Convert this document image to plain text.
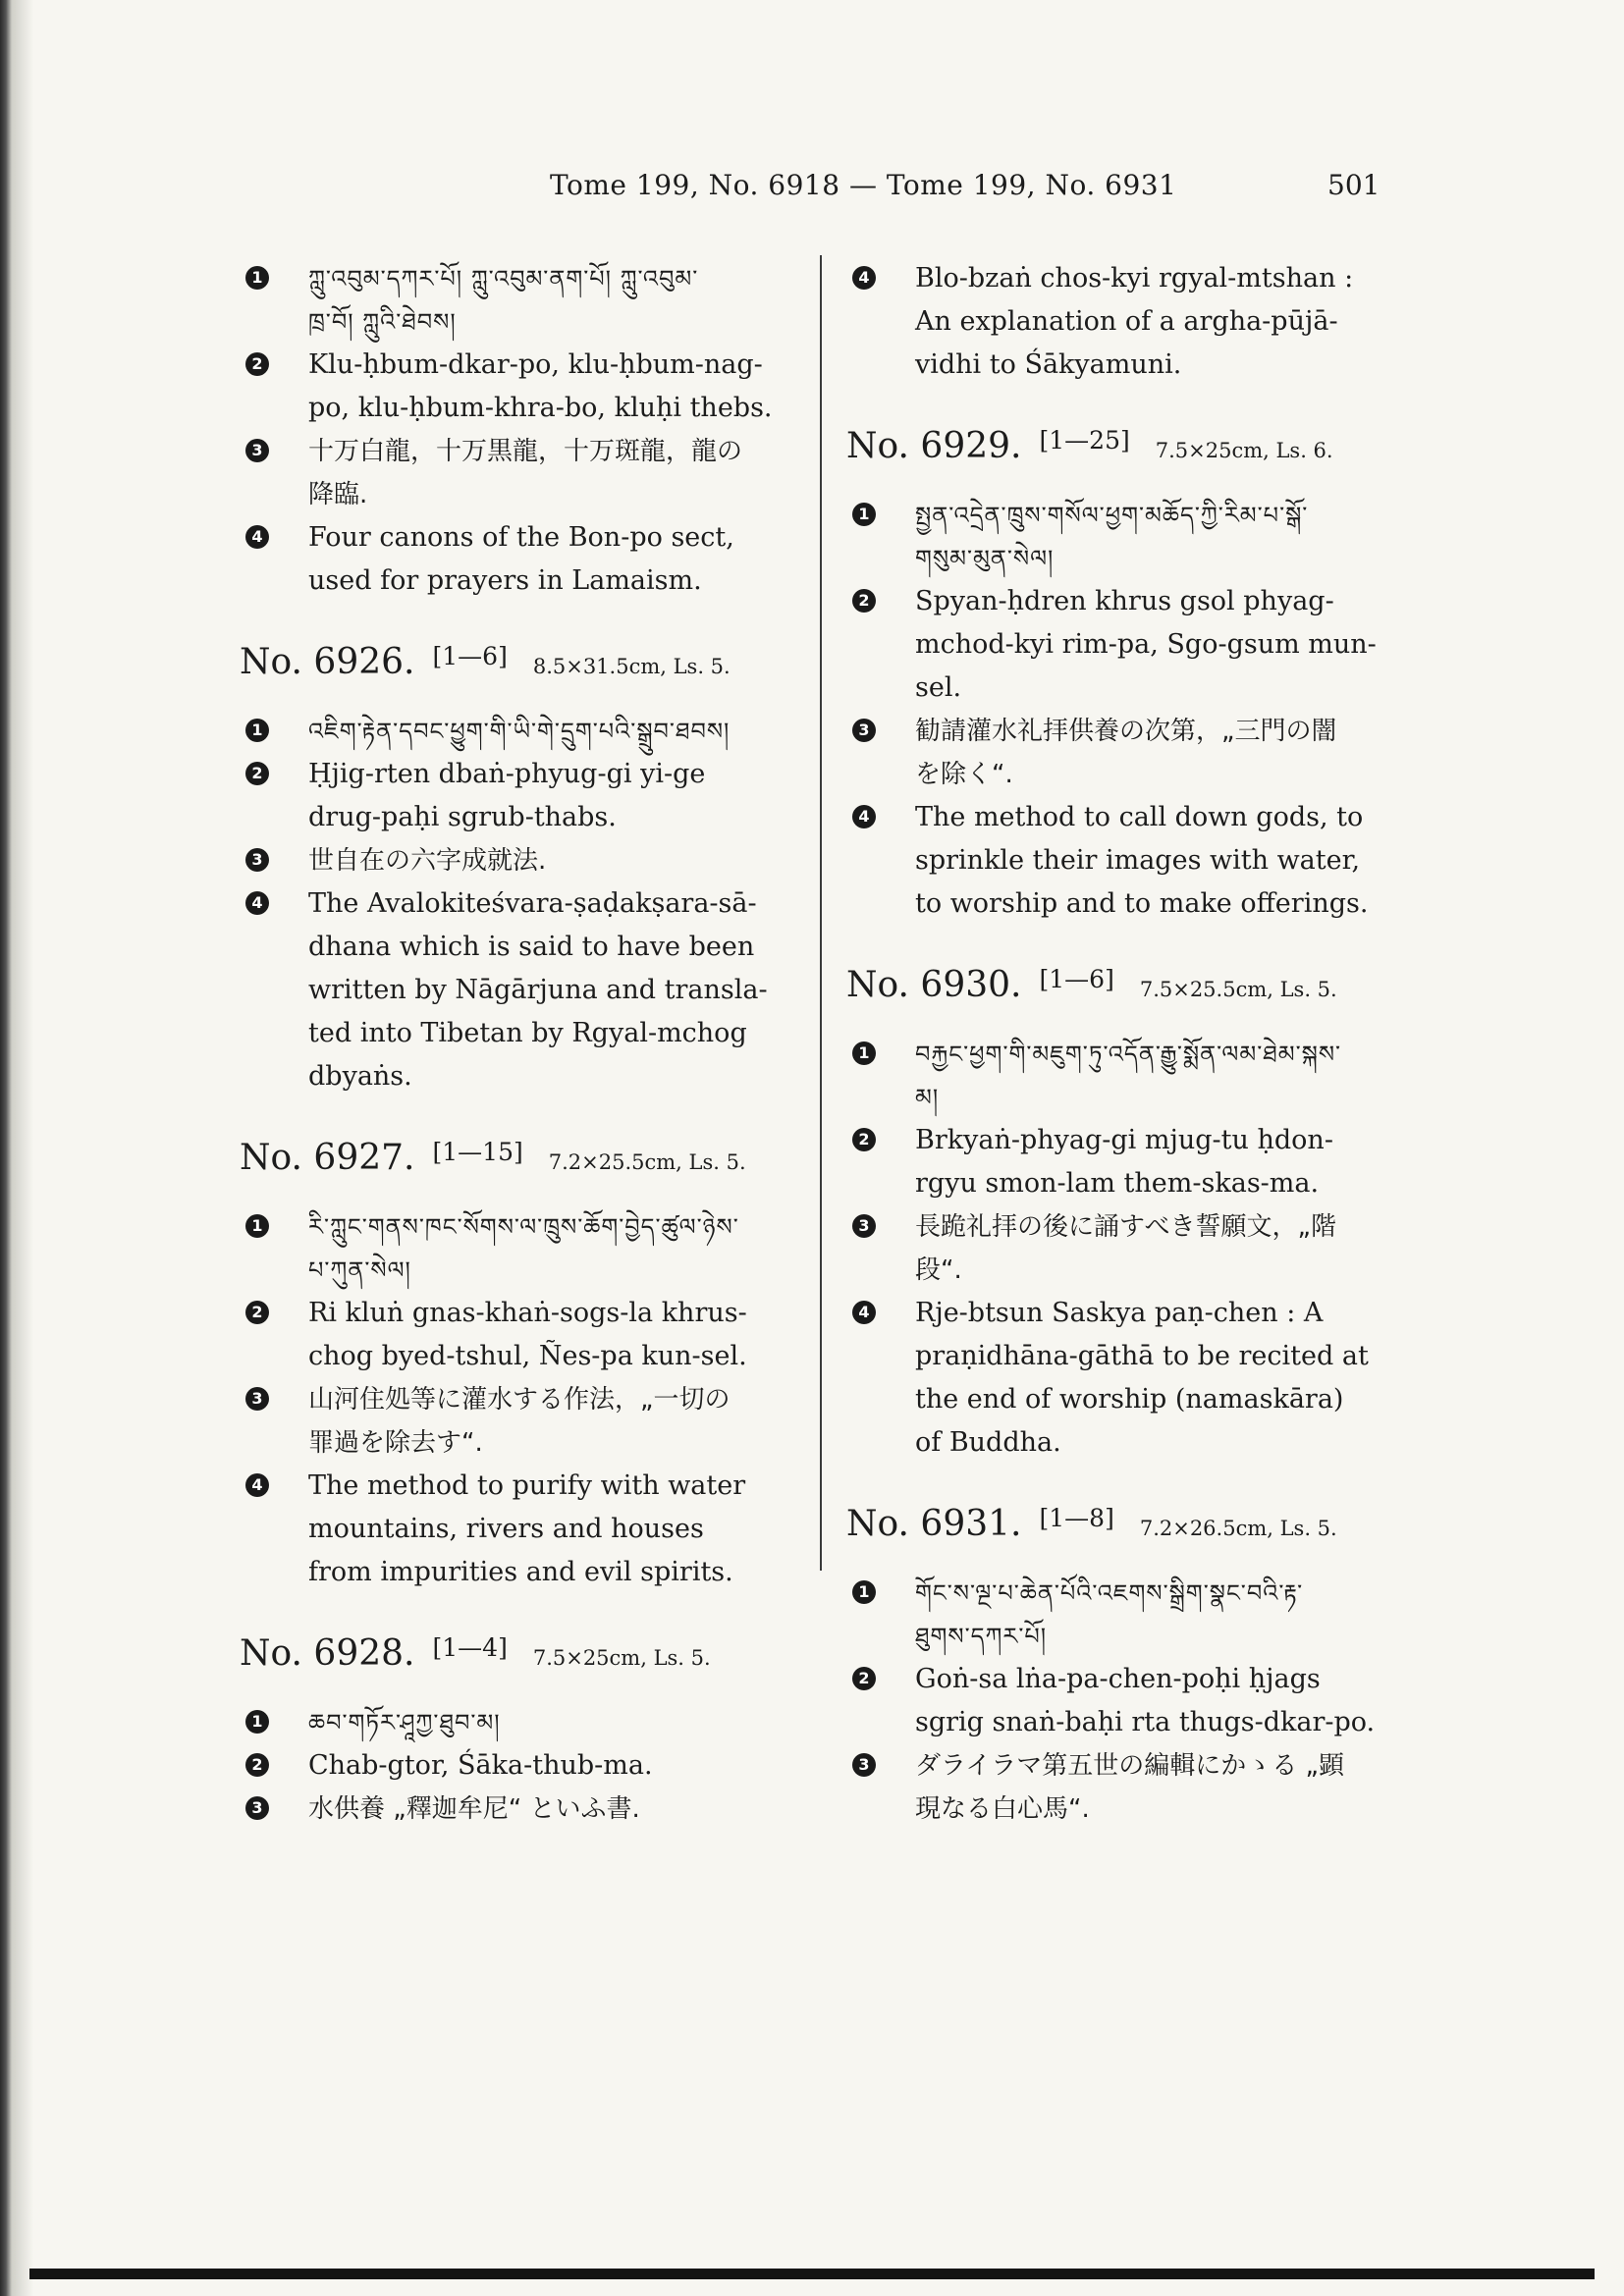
Tome 199, No. 6918 — Tome 199, No. 6931	501
1 ཀླུ་འབུམ་དཀར་པོ། ཀླུ་འབུམ་ནག་པོ། ཀླུ་འབུམ་
ཁྲ་བོ། ཀླུའི་ཐེབས།
2 Klu-ḥbum-dkar-po, klu-ḥbum-nag-
po, klu-ḥbum-khra-bo, kluḥi thebs.
3 十万白龍，十万黒龍，十万斑龍，龍の
降臨.
4 Four canons of the Bon-po sect,
used for prayers in Lamaism.
No. 6926. [1—6] 8.5×31.5cm, Ls. 5.
1 འཇིག་རྟེན་དབང་ཕྱུག་གི་ཡི་གེ་དྲུག་པའི་སྒྲུབ་ཐབས།
2 Ḥjig-rten dbaṅ-phyug-gi yi-ge
drug-paḥi sgrub-thabs.
3 世自在の六字成就法.
4 The Avalokiteśvara-ṣaḍakṣara-sā-
dhana which is said to have been
written by Nāgārjuna and transla-
ted into Tibetan by Rgyal-mchog
dbyaṅs.
No. 6927. [1—15] 7.2×25.5cm, Ls. 5.
1 རི་ཀླུང་གནས་ཁང་སོགས་ལ་ཁྲུས་ཆོག་བྱེད་ཚུལ་ཉེས་
པ་ཀུན་སེལ།
2 Ri kluṅ gnas-khaṅ-sogs-la khrus-
chog byed-tshul, Ñes-pa kun-sel.
3 山河住処等に灌水する作法，„一切の
罪過を除去す“.
4 The method to purify with water
mountains, rivers and houses
from impurities and evil spirits.
No. 6928. [1—4] 7.5×25cm, Ls. 5.
1 ཆབ་གཏོར་ཤཱཀྱ་ཐུབ་མ།
2 Chab-gtor, Śāka-thub-ma.
3 水供養 „釋迦牟尼“ といふ書.
4 Blo-bzaṅ chos-kyi rgyal-mtshan :
An explanation of a argha-pūjā-
vidhi to Śākyamuni.
No. 6929. [1—25] 7.5×25cm, Ls. 6.
1 སྤྱན་འདྲེན་ཁྲུས་གསོལ་ཕྱག་མཆོད་ཀྱི་རིམ་པ་སྒོ་
གསུམ་མུན་སེལ།
2 Spyan-ḥdren khrus gsol phyag-
mchod-kyi rim-pa, Sgo-gsum mun-
sel.
3 勧請灌水礼拝供養の次第，„三門の闇
を除く“.
4 The method to call down gods, to
sprinkle their images with water,
to worship and to make offerings.
No. 6930. [1—6] 7.5×25.5cm, Ls. 5.
1 བརྐྱང་ཕྱག་གི་མཇུག་ཏུ་འདོན་རྒྱུ་སྨོན་ལམ་ཐེམ་སྐས་
མ།
2 Brkyaṅ-phyag-gi mjug-tu ḥdon-
rgyu smon-lam them-skas-ma.
3 長跪礼拝の後に誦すべき誓願文，„階
段“.
4 Rje-btsun Saskya paṇ-chen : A
praṇidhāna-gāthā to be recited at
the end of worship (namaskāra)
of Buddha.
No. 6931. [1—8] 7.2×26.5cm, Ls. 5.
1 གོང་ས་ལྔ་པ་ཆེན་པོའི་འཇགས་སྒྲིག་སྣང་བའི་རྟ་
ཐུགས་དཀར་པོ།
2 Goṅ-sa lṅa-pa-chen-poḥi ḥjags
sgrig snaṅ-baḥi rta thugs-dkar-po.
3 ダライラマ第五世の編輯にかゝる „顕
現なる白心馬“.
